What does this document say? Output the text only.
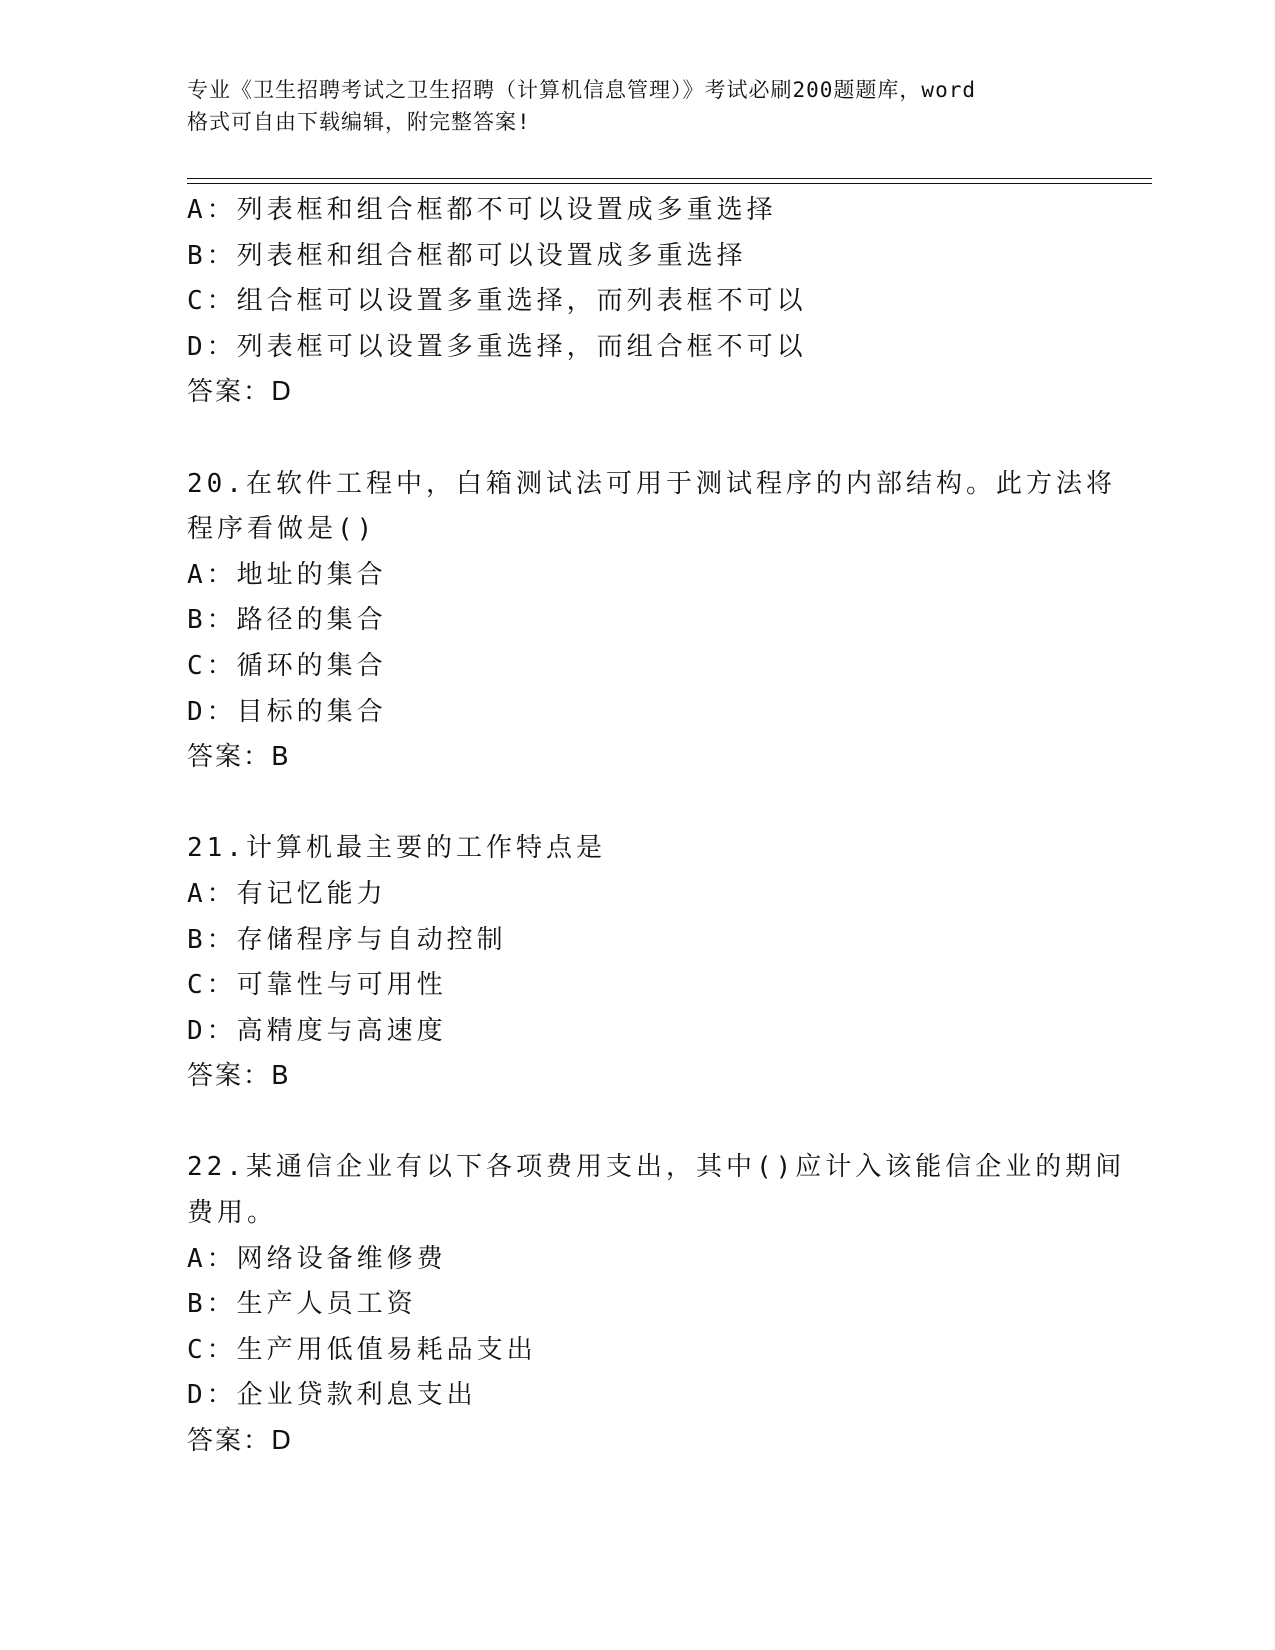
专业《卫生招聘考试之卫生招聘（计算机信息管理）》考试必刷200题题库，word
格式可自由下载编辑，附完整答案!
A：列表框和组合框都不可以设置成多重选择
B：列表框和组合框都可以设置成多重选择
C：组合框可以设置多重选择，而列表框不可以
D：列表框可以设置多重选择，而组合框不可以
答案：D
20.在软件工程中，白箱测试法可用于测试程序的内部结构。此方法将
程序看做是()
A：地址的集合
B：路径的集合
C：循环的集合
D：目标的集合
答案：B
21.计算机最主要的工作特点是
A：有记忆能力
B：存储程序与自动控制
C：可靠性与可用性
D：高精度与高速度
答案：B
22.某通信企业有以下各项费用支出，其中()应计入该能信企业的期间
费用。
A：网络设备维修费
B：生产人员工资
C：生产用低值易耗品支出
D：企业贷款利息支出
答案：D
